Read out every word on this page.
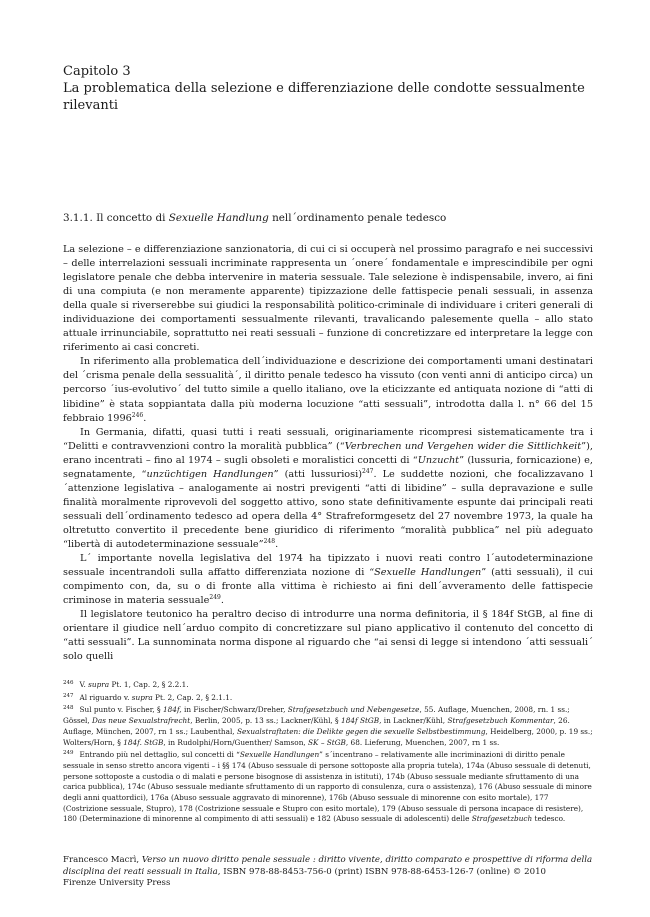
Capitolo 3

La problematica della selezione e differenziazione delle condotte sessualmente rilevanti

3.1.1. Il concetto di Sexuelle Handlung nell´ordinamento penale tedesco

La selezione – e differenziazione sanzionatoria, di cui ci si occuperà nel prossimo paragrafo e nei successivi – delle interrelazioni sessuali incriminate rappresenta un ´onere´ fondamentale e imprescindibile per ogni legislatore penale che debba intervenire in materia sessuale. Tale selezione è indispensabile, invero, ai fini di una compiuta (e non meramente apparente) tipizzazione delle fattispecie penali sessuali, in assenza della quale si riverserebbe sui giudici la responsabilità politico-criminale di individuare i criteri generali di individuazione dei comportamenti sessualmente rilevanti, travalicando palesemente quella – allo stato attuale irrinunciabile, soprattutto nei reati sessuali – funzione di concretizzare ed interpretare la legge con riferimento ai casi concreti.

In riferimento alla problematica dell´individuazione e descrizione dei comportamenti umani destinatari del ´crisma penale della sessualità´, il diritto penale tedesco ha vissuto (con venti anni di anticipo circa) un percorso ´ius-evolutivo´ del tutto simile a quello italiano, ove la eticizzante ed antiquata nozione di “atti di libidine” è stata soppiantata dalla più moderna locuzione “atti sessuali”, introdotta dalla l. n° 66 del 15 febbraio 1996$^{246}$.

In Germania, difatti, quasi tutti i reati sessuali, originariamente ricompresi sistematicamente tra i “Delitti e contravvenzioni contro la moralità pubblica” (“Verbrechen und Vergehen wider die Sittlichkeit”), erano incentrati – fino al 1974 – sugli obsoleti e moralistici concetti di “Unzucht” (lussuria, fornicazione) e, segnatamente, “unzüchtigen Handlungen” (atti lussuriosi)$^{247}$. Le suddette nozioni, che focalizzavano l´attenzione legislativa – analogamente ai nostri previgenti “atti di libidine” – sulla depravazione e sulle finalità moralmente riprovevoli del soggetto attivo, sono state definitivamente espunte dai principali reati sessuali dell´ordinamento tedesco ad opera della 4° Strafreformgesetz del 27 novembre 1973, la quale ha oltretutto convertito il precedente bene giuridico di riferimento “moralità pubblica” nel più adeguato “libertà di autodeterminazione sessuale”$^{248}$.

L´ importante novella legislativa del 1974 ha tipizzato i nuovi reati contro l´autodeterminazione sessuale incentrandoli sulla affatto differenziata nozione di “Sexuelle Handlungen” (atti sessuali), il cui compimento con, da, su o di fronte alla vittima è richiesto ai fini dell´avveramento delle fattispecie criminose in materia sessuale$^{249}$.

Il legislatore teutonico ha peraltro deciso di introdurre una norma definitoria, il § 184f StGB, al fine di orientare il giudice nell´arduo compito di concretizzare sul piano applicativo il contenuto del concetto di “atti sessuali”. La sunnominata norma dispone al riguardo che “ai sensi di legge si intendono ´atti sessuali´ solo quelli

$^{246}$ V. supra Pt. 1, Cap. 2, § 2.2.1.

$^{247}$ Al riguardo v. supra Pt. 2, Cap. 2, § 2.1.1.

$^{248}$ Sul punto v. Fischer, § 184f, in Fischer/Schwarz/Dreher, Strafgesetzbuch und Nebengesetze, 55. Auflage, Muenchen, 2008, rn. 1 ss.; Gössel, Das neue Sexualstrafrecht, Berlin, 2005, p. 13 ss.; Lackner/Kühl, § 184f StGB, in Lackner/Kühl, Strafgesetzbuch Kommentar, 26. Auflage, München, 2007, rn 1 ss.; Laubenthal, Sexualstraftaten: die Delikte gegen die sexuelle Selbstbestimmung, Heidelberg, 2000, p. 19 ss.; Wolters/Horn, § 184f. StGB, in Rudolphi/Horn/Guenther/ Samson, SK – StGB, 68. Lieferung, Muenchen, 2007, rn 1 ss.

$^{249}$ Entrando più nel dettaglio, sul concetti di “Sexuelle Handlungen” s´incentrano – relativamente alle incriminazioni di diritto penale sessuale in senso stretto ancora vigenti – i §§ 174 (Abuso sessuale di persone sottoposte alla propria tutela), 174a (Abuso sessuale di detenuti, persone sottoposte a custodia o di malati e persone bisognose di assistenza in istituti), 174b (Abuso sessuale mediante sfruttamento di una carica pubblica), 174c (Abuso sessuale mediante sfruttamento di un rapporto di consulenza, cura o assistenza), 176 (Abuso sessuale di minore degli anni quattordici), 176a (Abuso sessuale aggravato di minorenne), 176b (Abuso sessuale di minorenne con esito mortale), 177 (Costrizione sessuale, Stupro), 178 (Costrizione sessuale e Stupro con esito mortale), 179 (Abuso sessuale di persona incapace di resistere), 180 (Determinazione di minorenne al compimento di atti sessuali) e 182 (Abuso sessuale di adolescenti) delle Strafgesetzbuch tedesco.

Francesco Macrì, Verso un nuovo diritto penale sessuale : diritto vivente, diritto comparato e prospettive di riforma della disciplina dei reati sessuali in Italia, ISBN 978-88-8453-756-0 (print) ISBN 978-88-6453-126-7 (online) © 2010

Firenze University Press
